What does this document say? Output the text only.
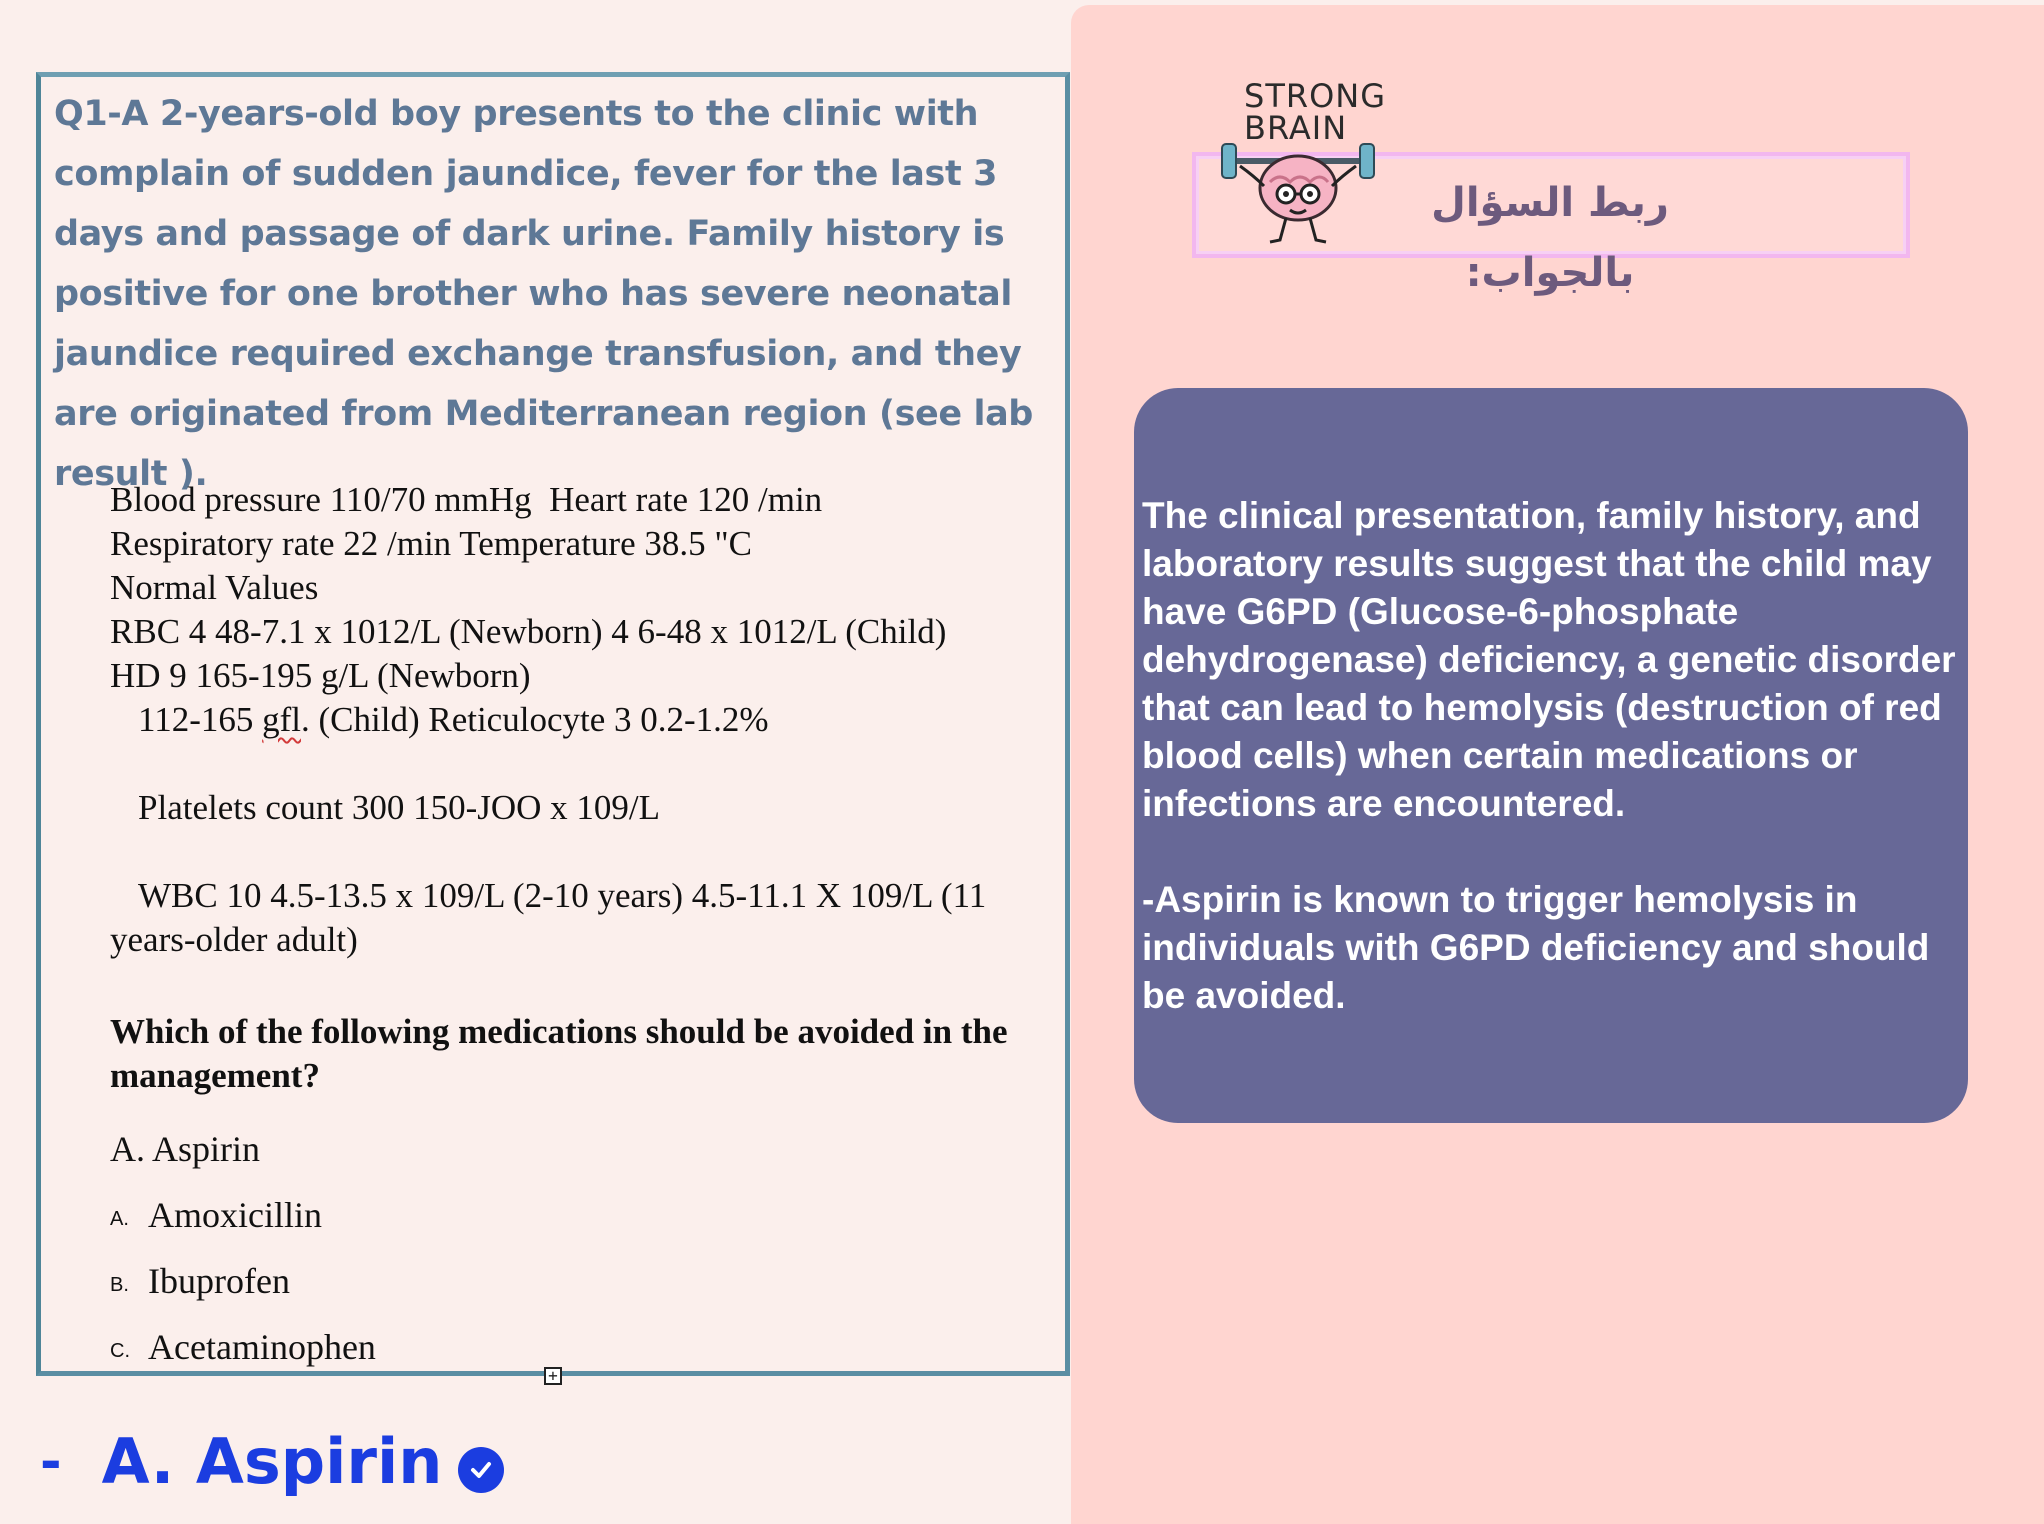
Q1-A 2-years-old boy presents to the clinic with complain of sudden jaundice, fever for the last 3 days and passage of dark urine. Family history is positive for one brother who has severe neonatal jaundice required exchange transfusion, and they are originated from Mediterranean region (see lab result ).
Blood pressure 110/70 mmHg  Heart rate 120 /min
Respiratory rate 22 /min Temperature 38.5 "C
Normal Values
RBC 4 48-7.1 x 1012/L (Newborn) 4 6-48 x 1012/L (Child)
HD 9 165-195 g/L (Newborn)
112-165 gfl. (Child) Reticulocyte 3 0.2-1.2%
Platelets count 300 150-JOO x 109/L
WBC 10 4.5-13.5 x 109/L (2-10 years) 4.5-11.1 X 109/L (11
years-older adult)
Which of the following medications should be avoided in the management?
A. Aspirin
A. Amoxicillin
B. Ibuprofen
C. Acetaminophen
+
- A. Aspirin
ربط السؤال بالجواب:
STRONG
BRAIN

The clinical presentation, family history, and laboratory results suggest that the child may have G6PD (Glucose-6-phosphate dehydrogenase) deficiency, a genetic disorder that can lead to hemolysis (destruction of red blood cells) when certain medications or infections are encountered.

-Aspirin is known to trigger hemolysis in individuals with G6PD deficiency and should be avoided.
